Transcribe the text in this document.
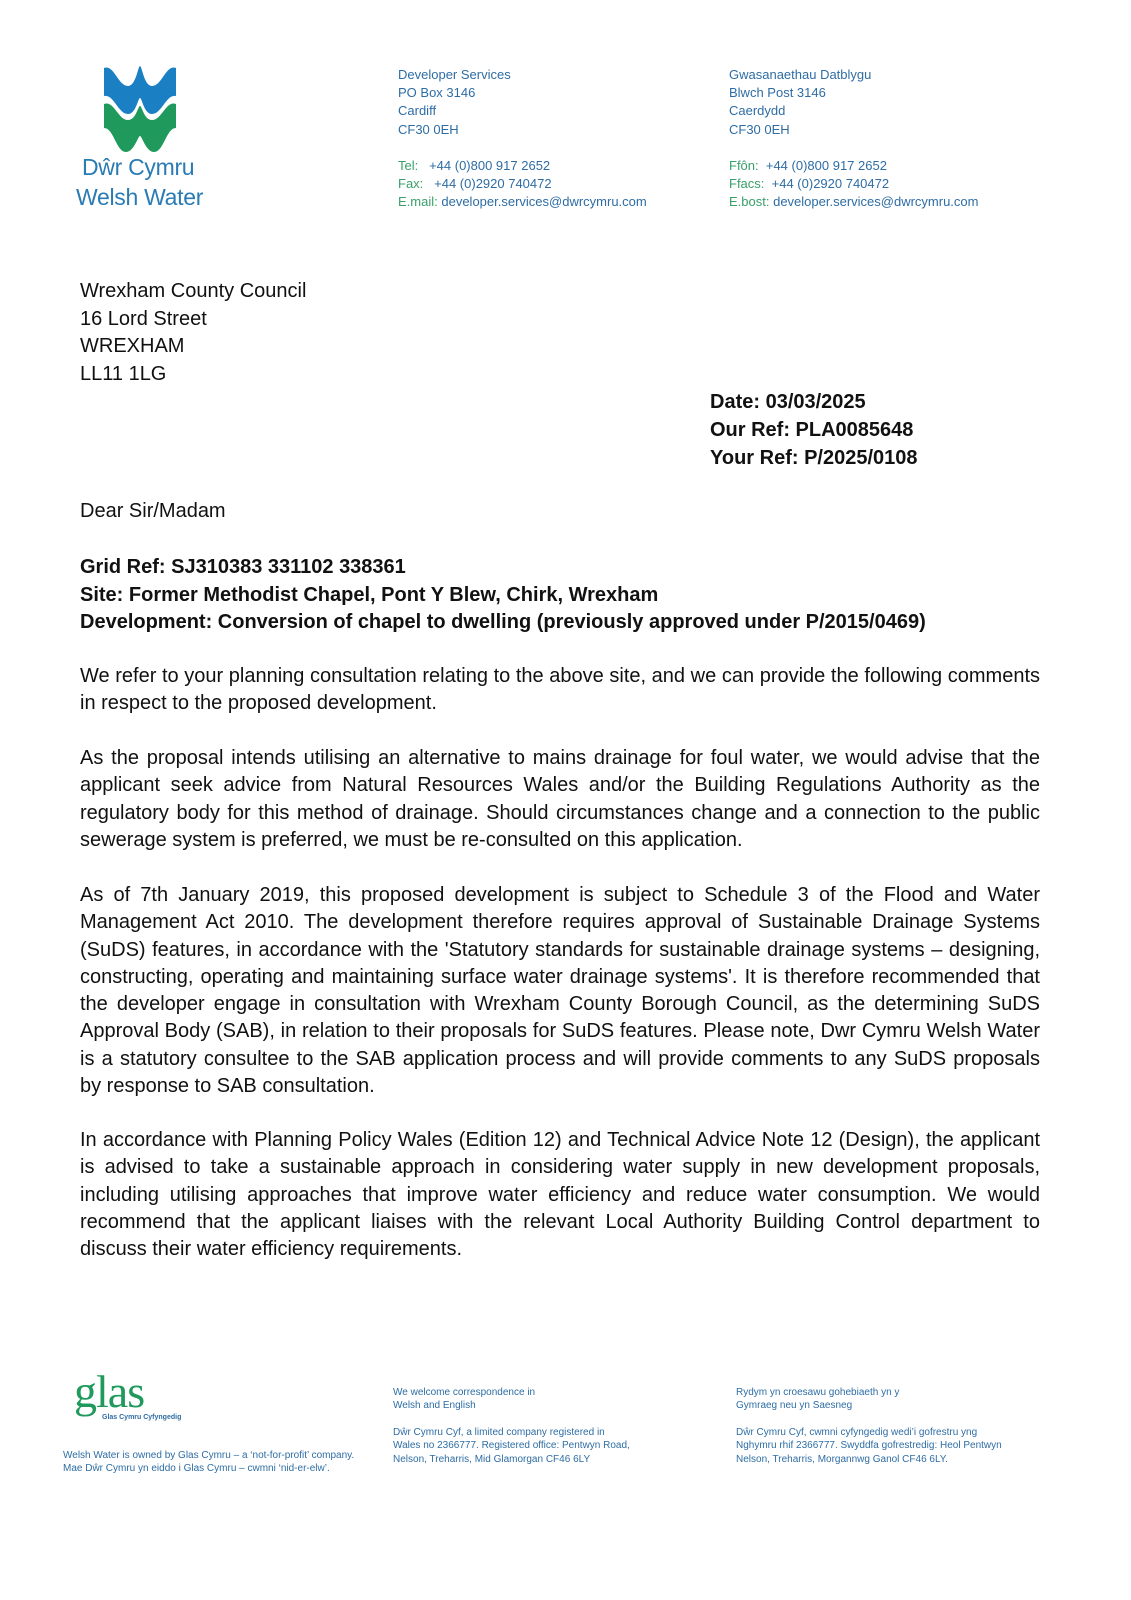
Dŵr Cymru
Welsh Water
Developer Services
PO Box 3146
Cardiff
CF30 0EH
Tel: +44 (0)800 917 2652
Fax: +44 (0)2920 740472
E.mail: developer.services@dwrcymru.com
Gwasanaethau Datblygu
Blwch Post 3146
Caerdydd
CF30 0EH
Ffôn: +44 (0)800 917 2652
Ffacs: +44 (0)2920 740472
E.bost: developer.services@dwrcymru.com
Wrexham County Council
16 Lord Street
WREXHAM
LL11 1LG
Date: 03/03/2025
Our Ref: PLA0085648
Your Ref: P/2025/0108
Dear Sir/Madam
Grid Ref: SJ310383 331102 338361
Site: Former Methodist Chapel, Pont Y Blew, Chirk, Wrexham
Development: Conversion of chapel to dwelling (previously approved under P/2015/0469)
We refer to your planning consultation relating to the above site, and we can provide the following comments in respect to the proposed development.
As the proposal intends utilising an alternative to mains drainage for foul water, we would advise that the applicant seek advice from Natural Resources Wales and/or the Building Regulations Authority as the regulatory body for this method of drainage. Should circumstances change and a connection to the public sewerage system is preferred, we must be re-consulted on this application.
As of 7th January 2019, this proposed development is subject to Schedule 3 of the Flood and Water Management Act 2010. The development therefore requires approval of Sustainable Drainage Systems (SuDS) features, in accordance with the 'Statutory standards for sustainable drainage systems – designing, constructing, operating and maintaining surface water drainage systems'. It is therefore recommended that the developer engage in consultation with Wrexham County Borough Council, as the determining SuDS Approval Body (SAB), in relation to their proposals for SuDS features. Please note, Dwr Cymru Welsh Water is a statutory consultee to the SAB application process and will provide comments to any SuDS proposals by response to SAB consultation.
In accordance with Planning Policy Wales (Edition 12) and Technical Advice Note 12 (Design), the applicant is advised to take a sustainable approach in considering water supply in new development proposals, including utilising approaches that improve water efficiency and reduce water consumption. We would recommend that the applicant liaises with the relevant Local Authority Building Control department to discuss their water efficiency requirements.
glas
Glas Cymru Cyfyngedig
Welsh Water is owned by Glas Cymru – a ‘not-for-profit’ company.
Mae Dŵr Cymru yn eiddo i Glas Cymru – cwmni ‘nid-er-elw’.
We welcome correspondence in
Welsh and English
Dŵr Cymru Cyf, a limited company registered in
Wales no 2366777. Registered office: Pentwyn Road,
Nelson, Treharris, Mid Glamorgan CF46 6LY
Rydym yn croesawu gohebiaeth yn y
Gymraeg neu yn Saesneg
Dŵr Cymru Cyf, cwmni cyfyngedig wedi’i gofrestru yng
Nghymru rhif 2366777. Swyddfa gofrestredig: Heol Pentwyn
Nelson, Treharris, Morgannwg Ganol CF46 6LY.
